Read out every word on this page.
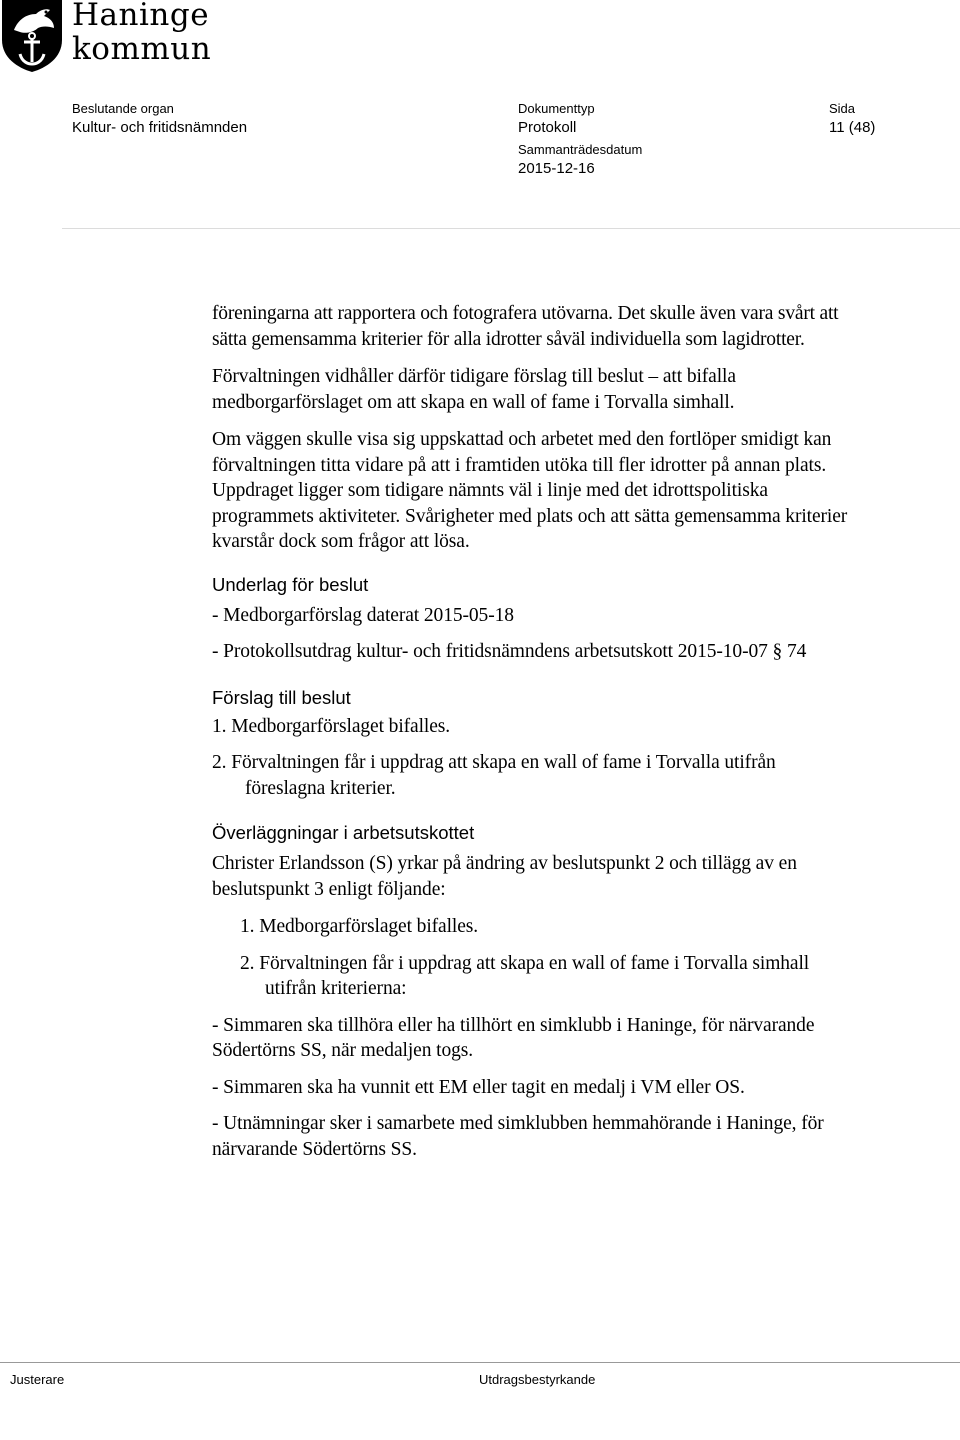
Haninge
kommun
Beslutande organ
Kultur- och fritidsnämnden
Dokumenttyp
Protokoll
Sammanträdesdatum
2015-12-16
Sida
11 (48)

föreningarna att rapportera och fotografera utövarna. Det skulle även vara svårt att sätta gemensamma kriterier för alla idrotter såväl individuella som lagidrotter.

Förvaltningen vidhåller därför tidigare förslag till beslut – att bifalla medborgarförslaget om att skapa en wall of fame i Torvalla simhall.

Om väggen skulle visa sig uppskattad och arbetet med den fortlöper smidigt kan förvaltningen titta vidare på att i framtiden utöka till fler idrotter på annan plats. Uppdraget ligger som tidigare nämnts väl i linje med det idrottspolitiska programmets aktiviteter. Svårigheter med plats och att sätta gemensamma kriterier kvarstår dock som frågor att lösa.

Underlag för beslut

- Medborgarförslag daterat 2015-05-18

- Protokollsutdrag kultur- och fritidsnämndens arbetsutskott 2015-10-07 § 74

Förslag till beslut

1. Medborgarförslaget bifalles.

2. Förvaltningen får i uppdrag att skapa en wall of fame i Torvalla utifrån föreslagna kriterier.

Överläggningar i arbetsutskottet

Christer Erlandsson (S) yrkar på ändring av beslutspunkt 2 och tillägg av en beslutspunkt 3 enligt följande:

1. Medborgarförslaget bifalles.

2. Förvaltningen får i uppdrag att skapa en wall of fame i Torvalla simhall utifrån kriterierna:

- Simmaren ska tillhöra eller ha tillhört en simklubb i Haninge, för närvarande Södertörns SS, när medaljen togs.

- Simmaren ska ha vunnit ett EM eller tagit en medalj i VM eller OS.

- Utnämningar sker i samarbete med simklubben hemmahörande i Haninge, för närvarande Södertörns SS.

Justerare	Utdragsbestyrkande
